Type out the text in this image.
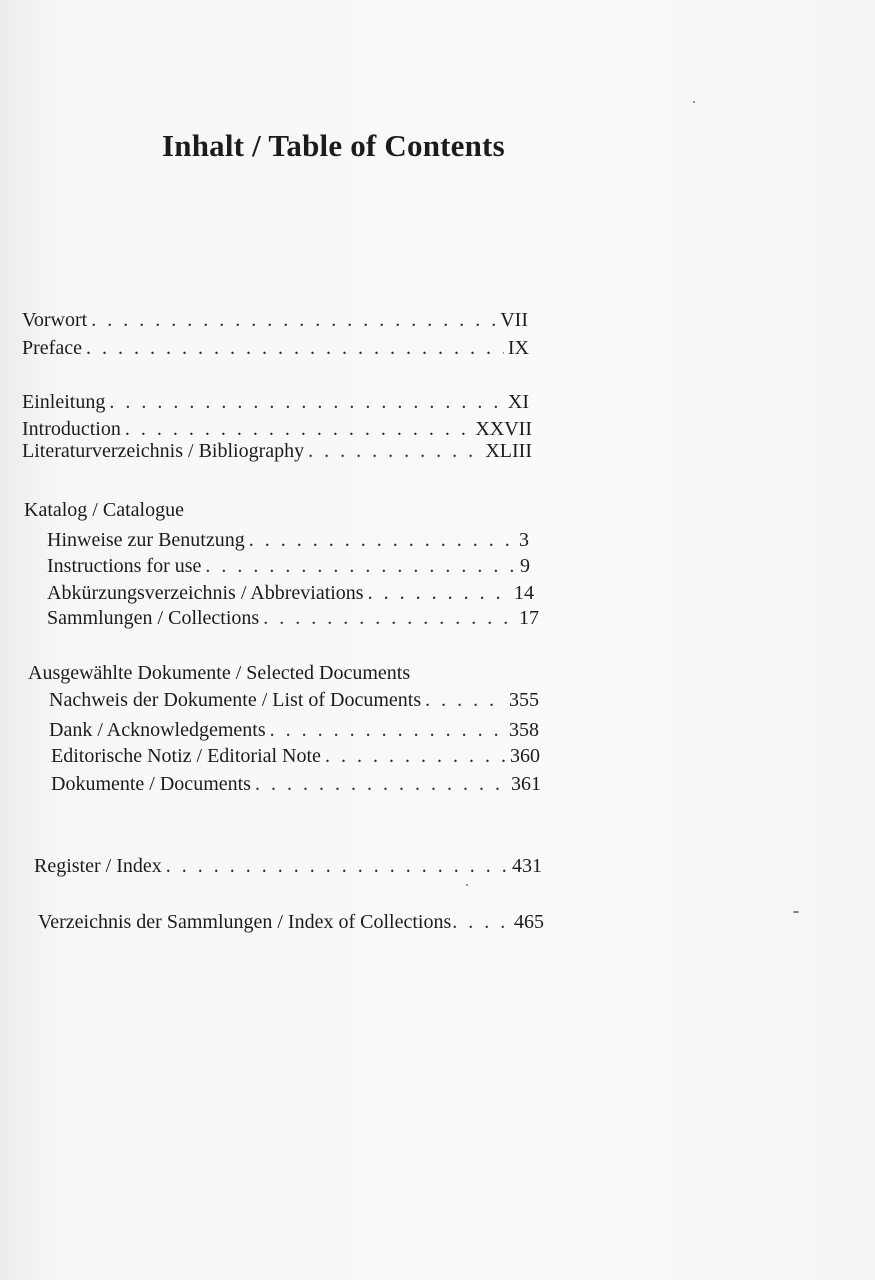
Inhalt / Table of Contents
Vorwort . . .	VII
Preface . . .	IX
Einleitung . . .	XI
Introduction . . .	XXVII
Literaturverzeichnis / Bibliography . . .	XLIII
Katalog / Catalogue
Hinweise zur Benutzung . . .	3
Instructions for use . . .	9
Abkürzungsverzeichnis / Abbreviations . . .	14
Sammlungen / Collections . . .	17
Ausgewählte Dokumente / Selected Documents
Nachweis der Dokumente / List of Documents . . .	355
Dank / Acknowledgements . . .	358
Editorische Notiz / Editorial Note . . .	360
Dokumente / Documents . . .	361
Register / Index . . .	431
Verzeichnis der Sammlungen / Index of Collections . . .	465
